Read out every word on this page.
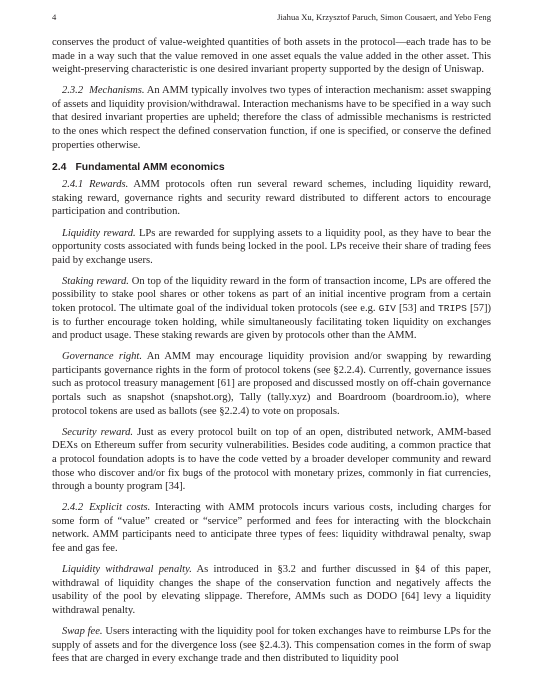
4	Jiahua Xu, Krzysztof Paruch, Simon Cousaert, and Yebo Feng

conserves the product of value-weighted quantities of both assets in the protocol—each trade has to be made in a way such that the value removed in one asset equals the value added in the other asset. This weight-preserving characteristic is one desired invariant property supported by the design of Uniswap.

2.3.2 Mechanisms. An AMM typically involves two types of interaction mechanism: asset swapping of assets and liquidity provision/withdrawal. Interaction mechanisms have to be specified in a way such that desired invariant properties are upheld; therefore the class of admissible mechanisms is restricted to the ones which respect the defined conservation function, if one is specified, or conserve the defined properties otherwise.

2.4 Fundamental AMM economics

2.4.1 Rewards. AMM protocols often run several reward schemes, including liquidity reward, staking reward, governance rights and security reward distributed to different actors to encourage participation and contribution.

Liquidity reward. LPs are rewarded for supplying assets to a liquidity pool, as they have to bear the opportunity costs associated with funds being locked in the pool. LPs receive their share of trading fees paid by exchange users.

Staking reward. On top of the liquidity reward in the form of transaction income, LPs are offered the possibility to stake pool shares or other tokens as part of an initial incentive program from a certain token protocol. The ultimate goal of the individual token protocols (see e.g. GIV [53] and TRIPS [57]) is to further encourage token holding, while simultaneously facilitating token liquidity on exchanges and product usage. These staking rewards are given by protocols other than the AMM.

Governance right. An AMM may encourage liquidity provision and/or swapping by rewarding participants governance rights in the form of protocol tokens (see §2.2.4). Currently, governance issues such as protocol treasury management [61] are proposed and discussed mostly on off-chain governance portals such as snapshot (snapshot.org), Tally (tally.xyz) and Boardroom (boardroom.io), where protocol tokens are used as ballots (see §2.2.4) to vote on proposals.

Security reward. Just as every protocol built on top of an open, distributed network, AMM-based DEXs on Ethereum suffer from security vulnerabilities. Besides code auditing, a common practice that a protocol foundation adopts is to have the code vetted by a broader developer community and reward those who discover and/or fix bugs of the protocol with monetary prizes, commonly in fiat currencies, through a bounty program [34].

2.4.2 Explicit costs. Interacting with AMM protocols incurs various costs, including charges for some form of “value” created or “service” performed and fees for interacting with the blockchain network. AMM participants need to anticipate three types of fees: liquidity withdrawal penalty, swap fee and gas fee.

Liquidity withdrawal penalty. As introduced in §3.2 and further discussed in §4 of this paper, withdrawal of liquidity changes the shape of the conservation function and negatively affects the usability of the pool by elevating slippage. Therefore, AMMs such as DODO [64] levy a liquidity withdrawal penalty.

Swap fee. Users interacting with the liquidity pool for token exchanges have to reimburse LPs for the supply of assets and for the divergence loss (see §2.4.3). This compensation comes in the form of swap fees that are charged in every exchange trade and then distributed to liquidity pool
